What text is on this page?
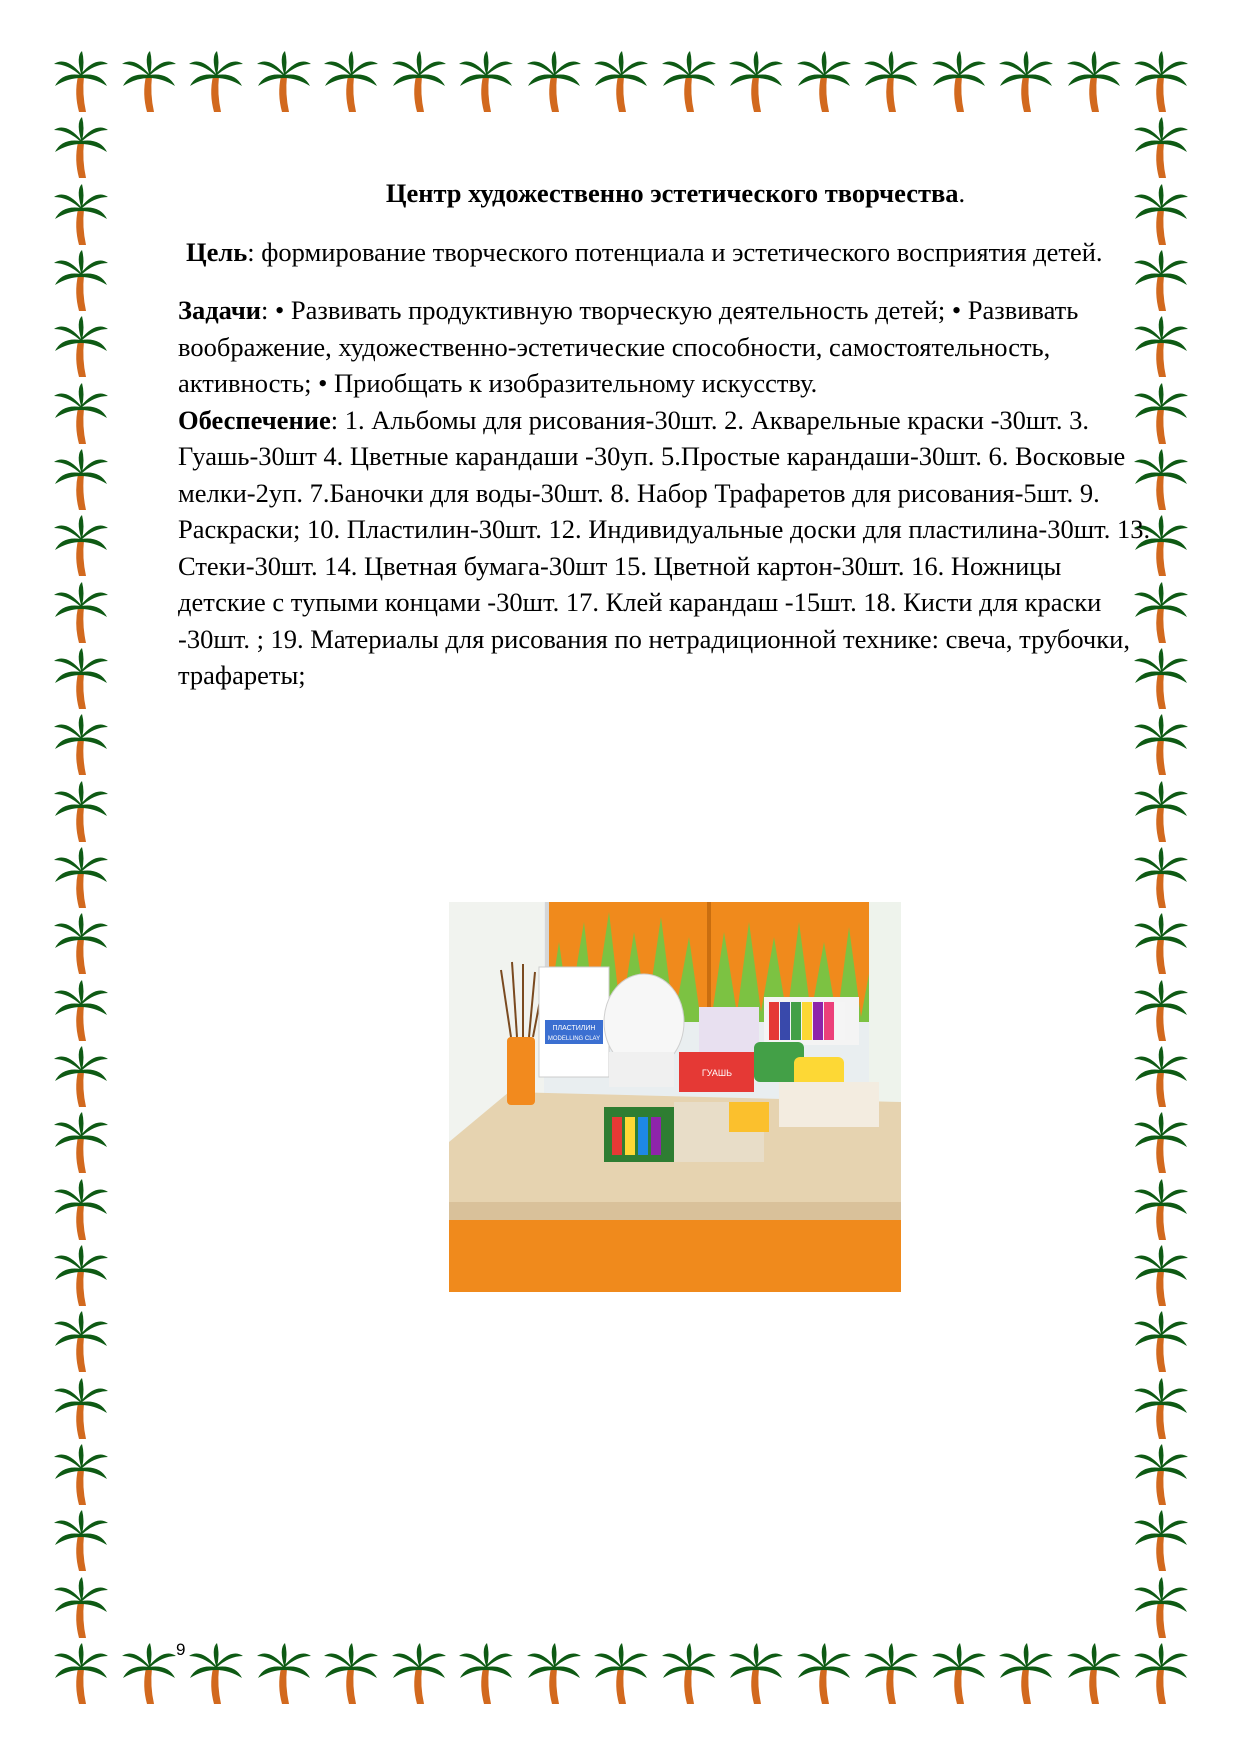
Центр художественно эстетического творчества.

Цель: формирование творческого потенциала и эстетического восприятия детей.

Задачи: • Развивать продуктивную творческую деятельность детей; • Развивать воображение, художественно-эстетические способности, самостоятельность, активность; • Приобщать к изобразительному искусству.

Обеспечение: 1. Альбомы для рисования-30шт. 2. Акварельные краски -30шт. 3. Гуашь-30шт 4. Цветные карандаши -30уп. 5.Простые карандаши-30шт. 6. Восковые мелки-2уп. 7.Баночки для воды-30шт. 8. Набор Трафаретов для рисования-5шт. 9. Раскраски; 10. Пластилин-30шт. 12. Индивидуальные доски для пластилина-30шт. 13. Стеки-30шт. 14. Цветная бумага-30шт 15. Цветной картон-30шт. 16. Ножницы детские с тупыми концами -30шт. 17. Клей карандаш -15шт. 18. Кисти для краски -30шт. ; 19. Материалы для рисования по нетрадиционной технике: свеча, трубочки, трафареты;

ПЛАСТИЛИН
MODELLING CLAY
ГУАШЬ
9
